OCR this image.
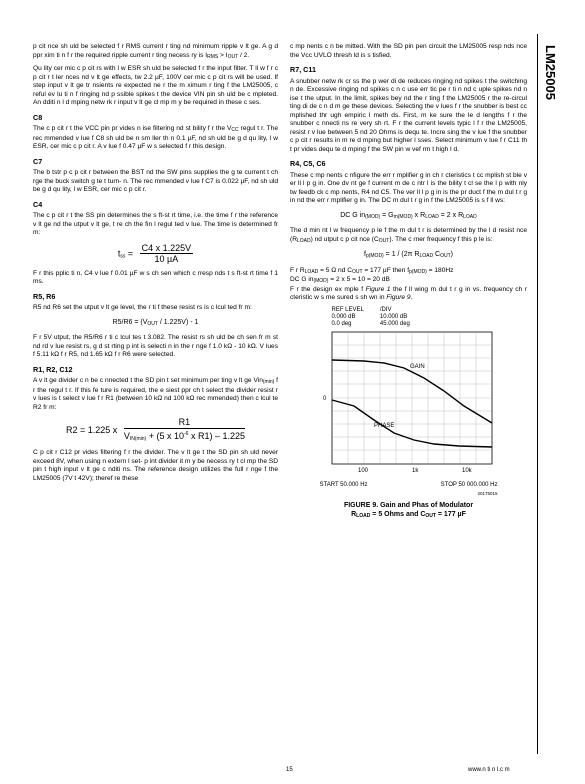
LM25005

p cit nce sh uld be selected f r RMS current r ting nd minimum ripple v lt ge. A g d ppr xim ti n f r the required ripple current r ting necess ry is $I_{RMS} > I_{OUT} / 2$.

Qu lity cer mic c p cit rs with l w ESR sh uld be selected f r the input filter. T ll w f r c p cit r t ler nces nd v lt ge effects, tw 2.2 µF, 100V cer mic c p cit rs will be used. If step input v lt ge tr nsients re expected ne r the m ximum r ting f the LM25005, c reful ev lu ti n f ringing nd p ssible spikes t the device VIN pin sh uld be c mpleted. An dditi n l d mping netw rk r input v lt ge cl mp m y be required in these c ses.

C8

The c p cit r t the VCC pin pr vides n ise filtering nd st bility f r the $V_{CC}$ regul t r. The rec mmended v lue f C8 sh uld be n sm ller th n 0.1 µF, nd sh uld be g d qu lity, l w ESR, cer mic c p cit r. A v lue f 0.47 µF w s selected f r this design.

C7

The b tstr p c p cit r between the BST nd the SW pins supplies the g te current t ch rge the buck switch g te t turn- n. The rec mmended v lue f C7 is 0.022 µF, nd sh uld be g d qu lity, l w ESR, cer mic c p cit r.

C4

The c p cit r t the SS pin determines the s ft-st rt time, i.e. the time f r the reference v lt ge nd the utput v lt ge, t re ch the fin l regul ted v lue. The time is determined fr m:

$t_{ss} = \frac{C4 x 1.225V}{\text{10 µA}}$

F r this pplic ti n, C4 v lue f 0.01 µF w s ch sen which c rresp nds t s ft-st rt time f 1 ms.

R5, R6

R5 nd R6 set the utput v lt ge level, the r ti f these resist rs is c lcul ted fr m:

$R5/R6 = (V_{OUT} / 1.225V) - 1$

F r 5V utput, the R5/R6 r ti c lcul tes t 3.082. The resist rs sh uld be ch sen fr m st nd rd v lue resist rs, g d st rting p int is selecti n in the r nge f 1.0 kΩ - 10 kΩ. V lues f 5.11 kΩ f r R5, nd 1.65 kΩ f r R6 were selected.

R1, R2, C12

A v lt ge divider c n be c nnected t the SD pin t set minimum per ting v lt ge Vin$_{(min)}$ f r the regul t r. If this fe ture is required, the e siest ppr ch t select the divider resist r v lues is t select v lue f r R1 (between 10 kΩ nd 100 kΩ rec mmended) then c lcul te R2 fr m:

R2 = 1.225 x $\frac{R1}{V_{IN(min)} + (5 x 10^{-6} x R1) - 1.225}$

C p cit r C12 pr vides filtering f r the divider. The v lt ge t the SD pin sh uld never exceed 8V, when using n extern l set- p int divider it m y be necess ry t cl mp the SD pin t high input v lt ge c nditi ns. The reference design utilizes the full r nge f the LM25005 (7V t 42V); theref re these

c mp nents c n be mitted. With the SD pin pen circuit the LM25005 resp nds nce the Vcc UVLO thresh ld is s tisfied.

R7, C11

A snubber netw rk cr ss the p wer di de reduces ringing nd spikes t the switching n de. Excessive ringing nd spikes c n c use err tic pe r ti n nd c uple spikes nd n ise t the utput. In the limit, spikes bey nd the r ting f the LM25005 r the re-circul ting di de c n d m ge these devices. Selecting the v lues f r the snubber is best cc mplished thr ugh empiric l meth ds. First, m ke sure the le d lengths f r the snubber c nnecti ns re very sh rt. F r the current levels typic l f r the LM25005, resist r v lue between 5 nd 20 Ohms is dequ te. Incre sing the v lue f the snubber c p cit r results in m re d mping but higher l sses. Select minimum v lue f r C11 th t pr vides dequ te d mping f the SW pin w vef rm t high l d.

R4, C5, C6

These c mp nents c nfigure the err r mplifier g in ch r cteristics t cc mplish st ble v er ll l p g in. One dv nt ge f current m de c ntr l is the bility t cl se the l p with nly tw feedb ck c mp nents, R4 nd C5. The ver ll l p g in is the pr duct f the m dul t r g in nd the err r mplifier g in. The DC m dul t r g in f the LM25005 is s f ll ws:

DC G $in_{(MOD)} = G_{m(MOD)}$ x $R_{LOAD} = 2$ x $R_{LOAD}$

The d min nt l w frequency p le f the m dul t r is determined by the l d resist nce $(R_{LOAD})$ nd utput c p cit nce $(C_{OUT})$. The c rner frequency f this p le is:

$f_{p(MOD)} = 1 / (2\pi$ $R_{LOAD}$ $C_{OUT}$)

F r $R_{LOAD} = 5$ Ω nd $C_{OUT} = 177$ µF then $f_{p(MOD)} = 180Hz$

DC G $in_{(MOD)} = 2$ x 5 = 10 = 20 dB

F r the design ex mple f Figure 1 the f ll wing m dul t r g in vs. frequency ch r cteristic w s me sured s sh wn in Figure 9.

REF LEVEL
0.000 dB
0.0 deg
/DIV
10.000 dB
45.000 deg
GAIN
PHASE
0
100	1k	10k
START 50.000 Hz	STOP 50 000.000 Hz
20175015
FIGURE 9. Gain and Phas of Modulator
$R_{LOAD} = 5$ Ohms and $C_{OUT} = 177$ µF
15	www.n ti n l.c m
